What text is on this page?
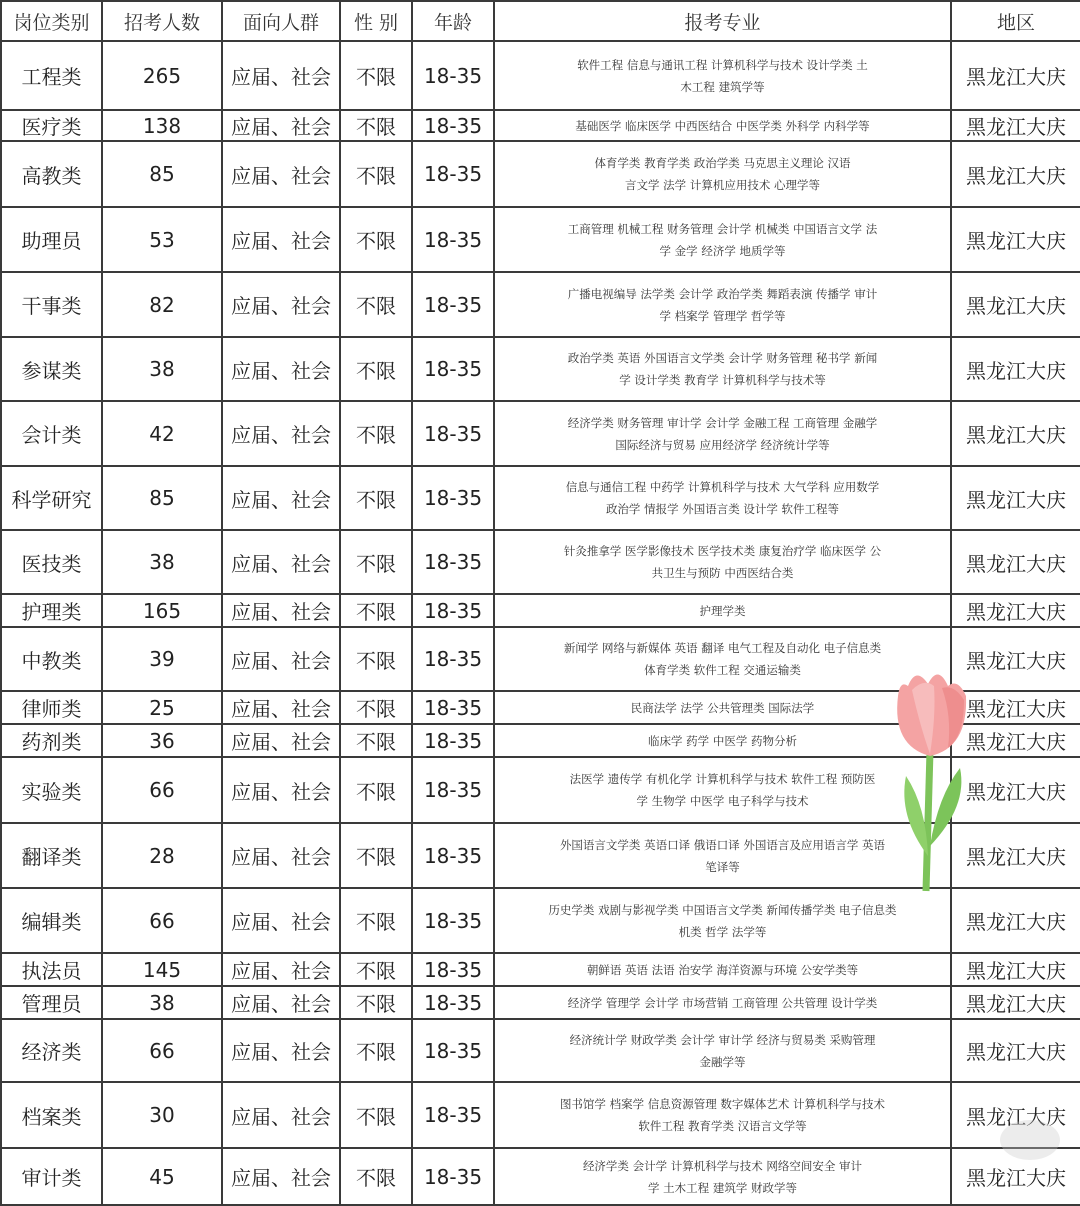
岗位类别	招考人数	面向人群	性 别	年龄	报考专业	地区
工程类	265	应届、社会	不限	18-35	软件工程 信息与通讯工程 计算机科学与技术 设计学类 土
木工程 建筑学等	黑龙江大庆
医疗类	138	应届、社会	不限	18-35	基础医学 临床医学 中西医结合 中医学类 外科学 内科学等	黑龙江大庆
高教类	85	应届、社会	不限	18-35	体育学类 教育学类 政治学类 马克思主义理论 汉语
言文学 法学 计算机应用技术 心理学等	黑龙江大庆
助理员	53	应届、社会	不限	18-35	工商管理 机械工程 财务管理 会计学 机械类 中国语言文学 法
学 金学 经济学 地质学等	黑龙江大庆
干事类	82	应届、社会	不限	18-35	广播电视编导 法学类 会计学 政治学类 舞蹈表演 传播学 审计
学 档案学 管理学 哲学等	黑龙江大庆
参谋类	38	应届、社会	不限	18-35	政治学类 英语 外国语言文学类 会计学 财务管理 秘书学 新闻
学 设计学类 教育学 计算机科学与技术等	黑龙江大庆
会计类	42	应届、社会	不限	18-35	经济学类 财务管理 审计学 会计学 金融工程 工商管理 金融学
国际经济与贸易 应用经济学 经济统计学等	黑龙江大庆
科学研究	85	应届、社会	不限	18-35	信息与通信工程 中药学 计算机科学与技术 大气学科 应用数学
政治学 情报学 外国语言类 设计学 软件工程等	黑龙江大庆
医技类	38	应届、社会	不限	18-35	针灸推拿学 医学影像技术 医学技术类 康复治疗学 临床医学 公
共卫生与预防 中西医结合类	黑龙江大庆
护理类	165	应届、社会	不限	18-35	护理学类	黑龙江大庆
中教类	39	应届、社会	不限	18-35	新闻学 网络与新媒体 英语 翻译 电气工程及自动化 电子信息类
体育学类 软件工程 交通运输类	黑龙江大庆
律师类	25	应届、社会	不限	18-35	民商法学 法学 公共管理类 国际法学	黑龙江大庆
药剂类	36	应届、社会	不限	18-35	临床学 药学 中医学 药物分析	黑龙江大庆
实验类	66	应届、社会	不限	18-35	法医学 遗传学 有机化学 计算机科学与技术 软件工程 预防医
学 生物学 中医学 电子科学与技术	黑龙江大庆
翻译类	28	应届、社会	不限	18-35	外国语言文学类 英语口译 俄语口译 外国语言及应用语言学 英语
笔译等	黑龙江大庆
编辑类	66	应届、社会	不限	18-35	历史学类 戏剧与影视学类 中国语言文学类 新闻传播学类 电子信息类
机类 哲学 法学等	黑龙江大庆
执法员	145	应届、社会	不限	18-35	朝鲜语 英语 法语 治安学 海洋资源与环境 公安学类等	黑龙江大庆
管理员	38	应届、社会	不限	18-35	经济学 管理学 会计学 市场营销 工商管理 公共管理 设计学类	黑龙江大庆
经济类	66	应届、社会	不限	18-35	经济统计学 财政学类 会计学 审计学 经济与贸易类 采购管理
金融学等	黑龙江大庆
档案类	30	应届、社会	不限	18-35	图书馆学 档案学 信息资源管理 数字媒体艺术 计算机科学与技术
软件工程 教育学类 汉语言文学等	黑龙江大庆
审计类	45	应届、社会	不限	18-35	经济学类 会计学 计算机科学与技术 网络空间安全 审计
学 土木工程 建筑学 财政学等	黑龙江大庆
